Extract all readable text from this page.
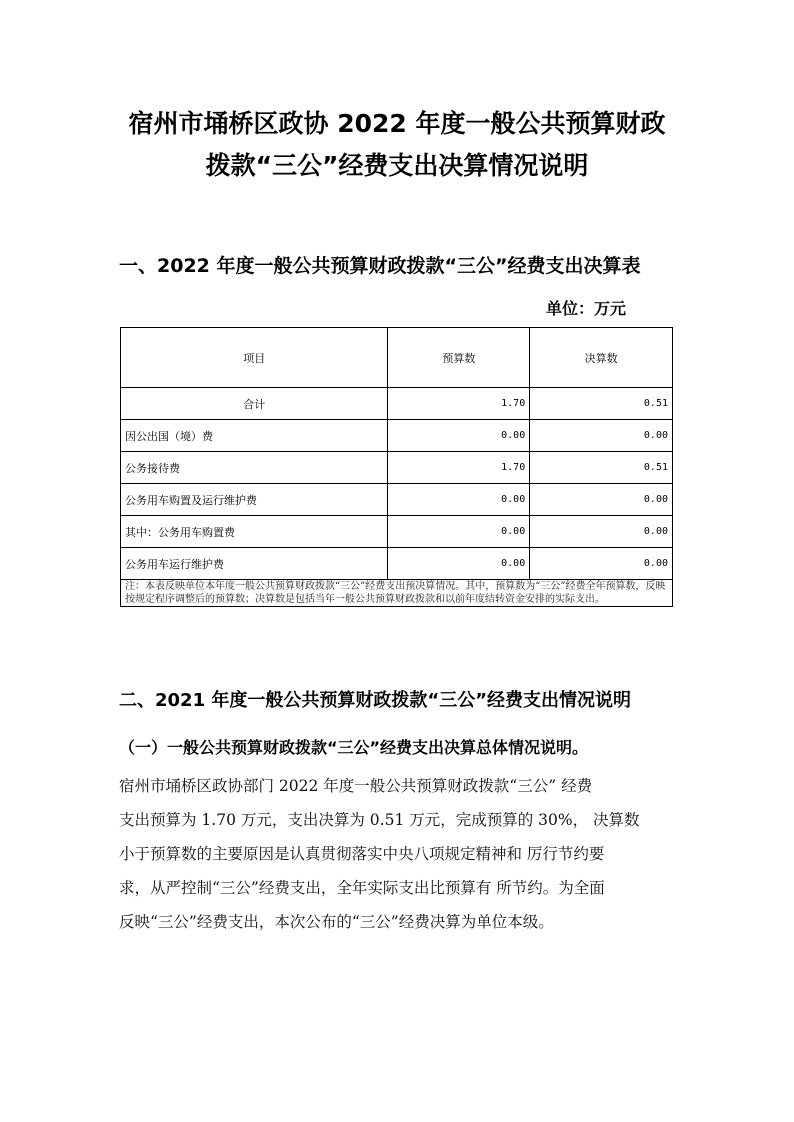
宿州市埇桥区政协 2022 年度一般公共预算财政
拨款“三公”经费支出决算情况说明
一、2022 年度一般公共预算财政拨款“三公”经费支出决算表
单位：万元
项目	预算数	决算数
合计	1.70	0.51
因公出国（境）费	0.00	0.00
公务接待费	1.70	0.51
公务用车购置及运行维护费	0.00	0.00
其中：公务用车购置费	0.00	0.00
公务用车运行维护费	0.00	0.00
注：本表反映单位本年度一般公共预算财政拨款“三公”经费支出预决算情况。其中，预算数为“三公”经费全年预算数，反映按规定程序调整后的预算数；决算数是包括当年一般公共预算财政拨款和以前年度结转资金安排的实际支出。		
二、2021 年度一般公共预算财政拨款“三公”经费支出情况说明
（一）一般公共预算财政拨款“三公”经费支出决算总体情况说明。
宿州市埇桥区政协部门 2022 年度一般公共预算财政拨款“三公” 经费
支出预算为 1.70 万元，支出决算为 0.51 万元，完成预算的 30%， 决算数
小于预算数的主要原因是认真贯彻落实中央八项规定精神和 厉行节约要
求，从严控制“三公”经费支出，全年实际支出比预算有 所节约。为全面
反映“三公”经费支出，本次公布的“三公”经费决算为单位本级。
